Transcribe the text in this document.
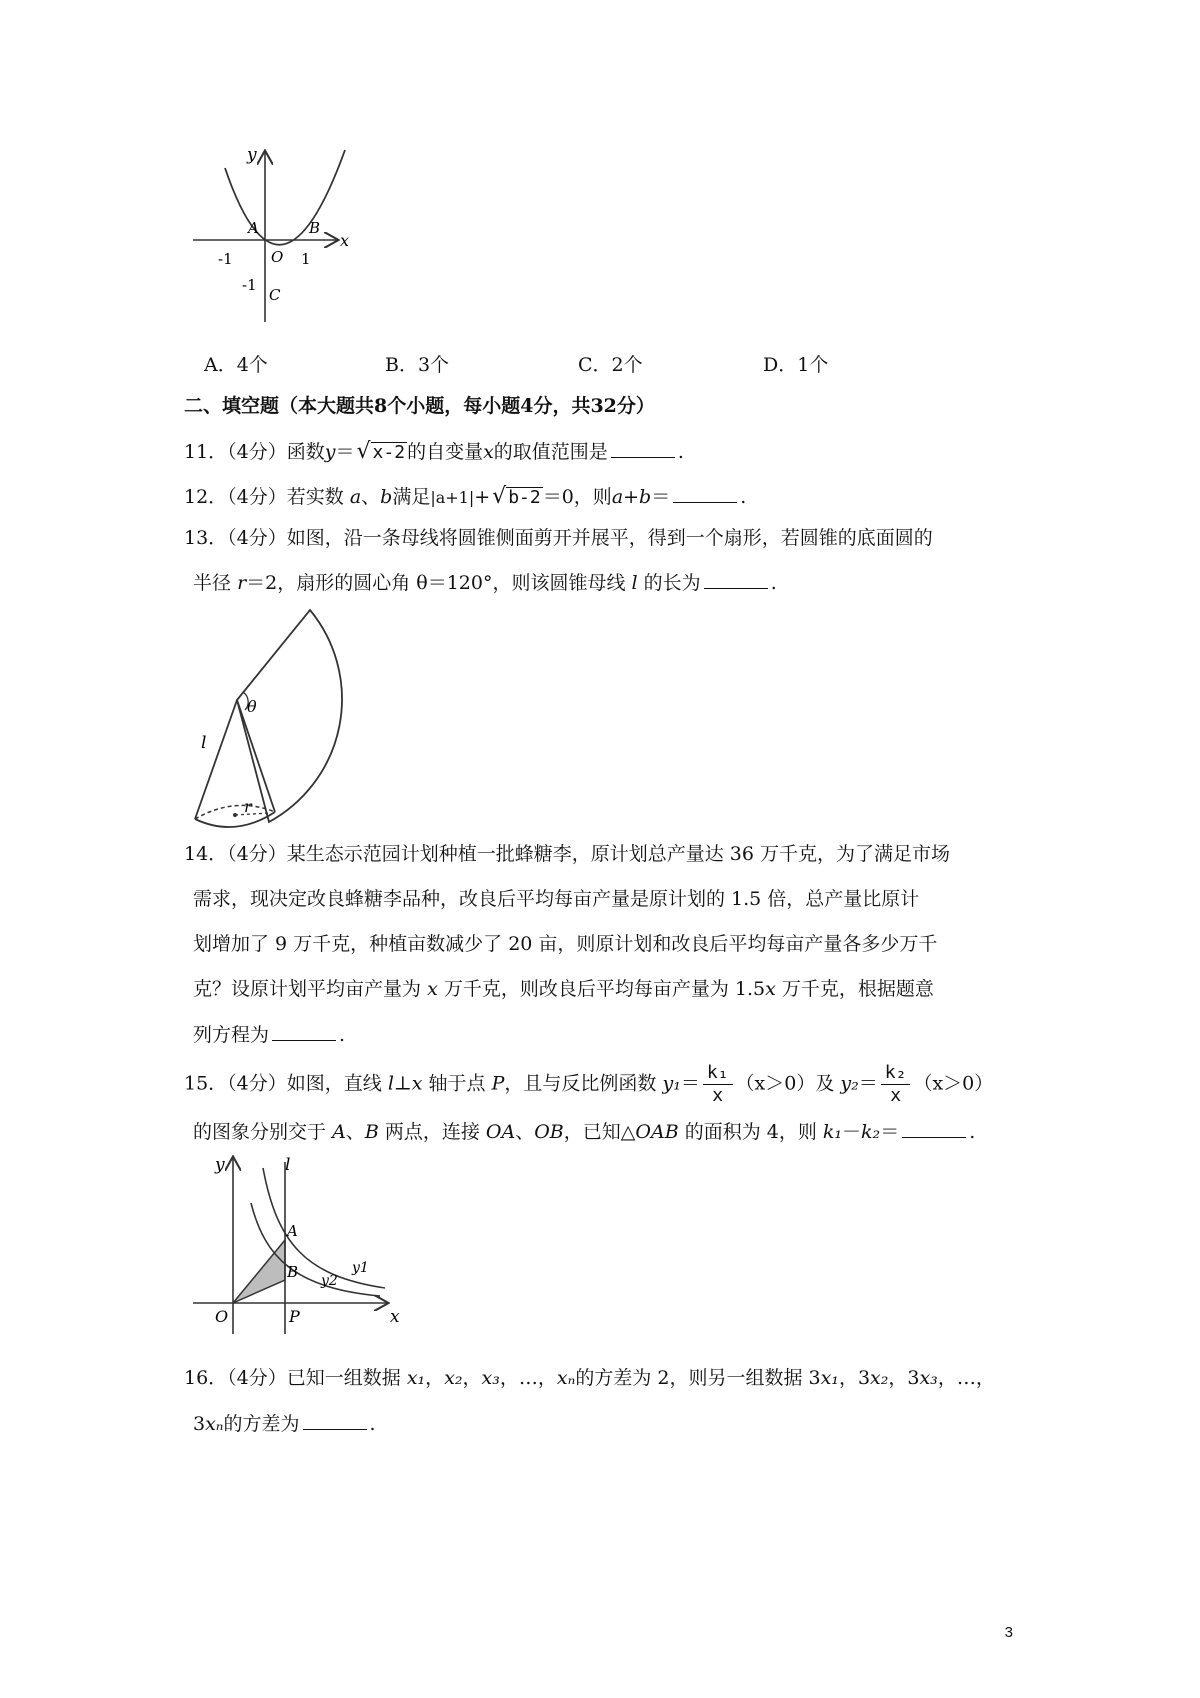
y
x
-1	O 1
A	B
-1
C
A．4个	B．3个	C．2个	D．1个
二、填空题（本大题共8个小题，每小题4分，共32分）
11．（4分）函数y＝√ x-2 的自变量x的取值范围是	.
12．（4分）若实数 a、b满足|a+1|+√ b-2 ＝0，则a+b＝	.
13．（4分）如图，沿一条母线将圆锥侧面剪开并展平，得到一个扇形，若圆锥的底面圆的
半径 r＝2，扇形的圆心角 θ＝120°，则该圆锥母线 l 的长为	.
θ
l
r
14．（4分）某生态示范园计划种植一批蜂糖李，原计划总产量达 36 万千克，为了满足市场
需求，现决定改良蜂糖李品种，改良后平均每亩产量是原计划的 1.5 倍，总产量比原计
划增加了 9 万千克，种植亩数减少了 20 亩，则原计划和改良后平均每亩产量各多少万千
克？设原计划平均亩产量为 x 万千克，则改良后平均每亩产量为 1.5x 万千克，根据题意
列方程为	.
15．（4分）如图，直线 l⊥x 轴于点 P，且与反比例函数 $y_1= \frac{\text{k₁}}{x} (x>0)$及 $y_2= \frac{\text{k₂}}{x} (x>0)$
的图象分别交于 A、B 两点，连接 OA、OB，已知△OAB 的面积为 4，则 k₁－k₂＝	.
y	l
A
B	y1
y2
O	P	x
16．（4分）已知一组数据 x₁，x₂，x₃，…，xₙ的方差为 2，则另一组数据 3x₁，3x₂，3x₃，…，
3xₙ的方差为	.
3
